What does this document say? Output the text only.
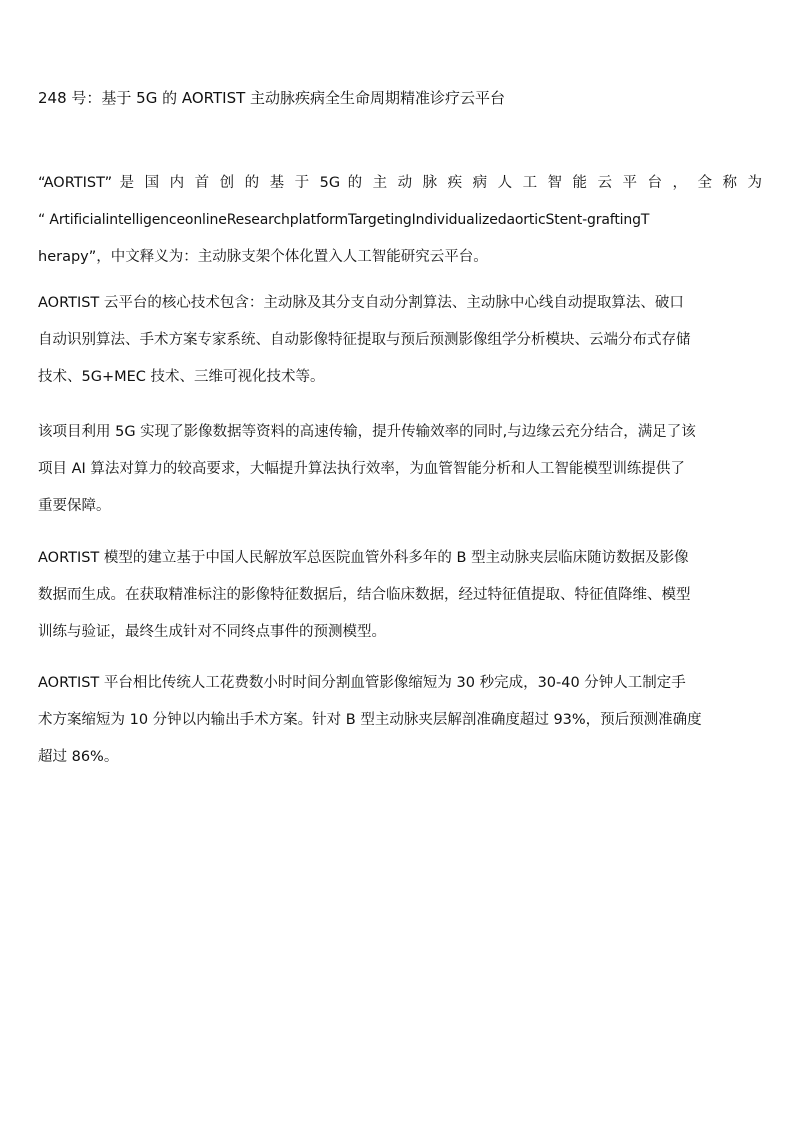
248 号：基于 5G 的 AORTIST 主动脉疾病全生命周期精准诊疗云平台
“AORTIST” 是 国 内 首 创 的 基 于 5G 的 主 动 脉 疾 病 人 工 智 能 云 平 台 ， 全 称 为
“ ArtificialintelligenceonlineResearchplatformTargetingIndividualizedaorticStent-graftingT
herapy”，中文释义为：主动脉支架个体化置入人工智能研究云平台。
AORTIST 云平台的核心技术包含：主动脉及其分支自动分割算法、主动脉中心线自动提取算法、破口
自动识别算法、手术方案专家系统、自动影像特征提取与预后预测影像组学分析模块、云端分布式存储
技术、5G+MEC 技术、三维可视化技术等。
该项目利用 5G 实现了影像数据等资料的高速传输，提升传输效率的同时,与边缘云充分结合，满足了该
项目 AI 算法对算力的较高要求，大幅提升算法执行效率，为血管智能分析和人工智能模型训练提供了
重要保障。
AORTIST 模型的建立基于中国人民解放军总医院血管外科多年的 B 型主动脉夹层临床随访数据及影像
数据而生成。在获取精准标注的影像特征数据后，结合临床数据，经过特征值提取、特征值降维、模型
训练与验证，最终生成针对不同终点事件的预测模型。
AORTIST 平台相比传统人工花费数小时时间分割血管影像缩短为 30 秒完成，30-40 分钟人工制定手
术方案缩短为 10 分钟以内输出手术方案。针对 B 型主动脉夹层解剖准确度超过 93%，预后预测准确度
超过 86%。
